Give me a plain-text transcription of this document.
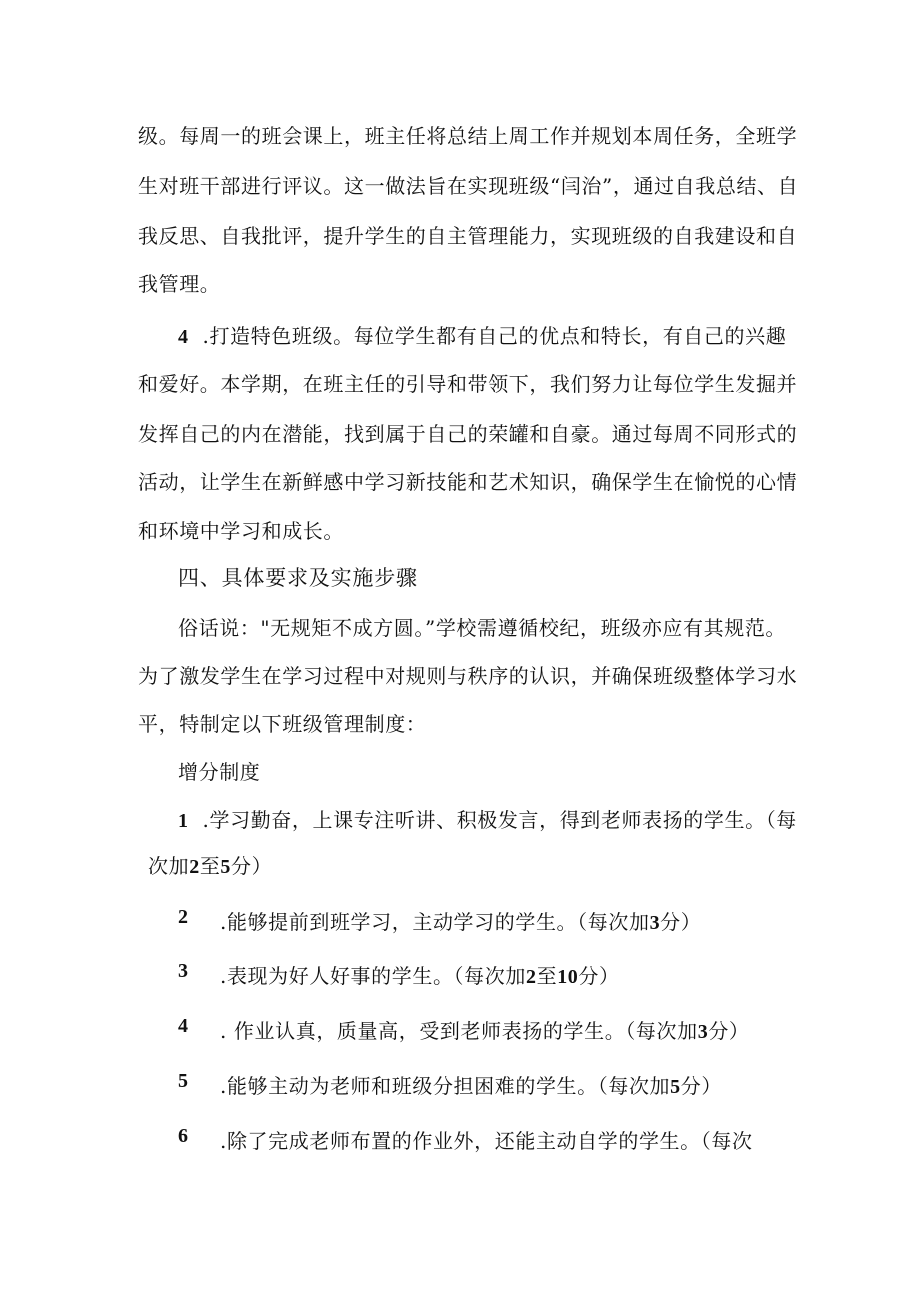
级。每周一的班会课上，班主任将总结上周工作并规划本周任务，全班学
生对班干部进行评议。这一做法旨在实现班级“闫治”，通过自我总结、自
我反思、自我批评，提升学生的自主管理能力，实现班级的自我建设和自
我管理。
4 .打造特色班级。每位学生都有自己的优点和特长，有自己的兴趣
和爱好。本学期，在班主任的引导和带领下，我们努力让每位学生发掘并
发挥自己的内在潜能，找到属于自己的荣罐和自豪。通过每周不同形式的
活动，让学生在新鲜感中学习新技能和艺术知识，确保学生在愉悦的心情
和环境中学习和成长。
四、具体要求及实施步骤
俗话说："无规矩不成方圆。”学校需遵循校纪，班级亦应有其规范。
为了激发学生在学习过程中对规则与秩序的认识，并确保班级整体学习水
平，特制定以下班级管理制度：
增分制度
1 .学习勤奋，上课专注听讲、积极发言，得到老师表扬的学生。（每
次加2至5分）
2 .能够提前到班学习，主动学习的学生。（每次加3分）
3 .表现为好人好事的学生。（每次加2至10分）
4 . 作业认真，质量高，受到老师表扬的学生。（每次加3分）
5 .能够主动为老师和班级分担困难的学生。（每次加5分）
6 .除了完成老师布置的作业外，还能主动自学的学生。（每次
